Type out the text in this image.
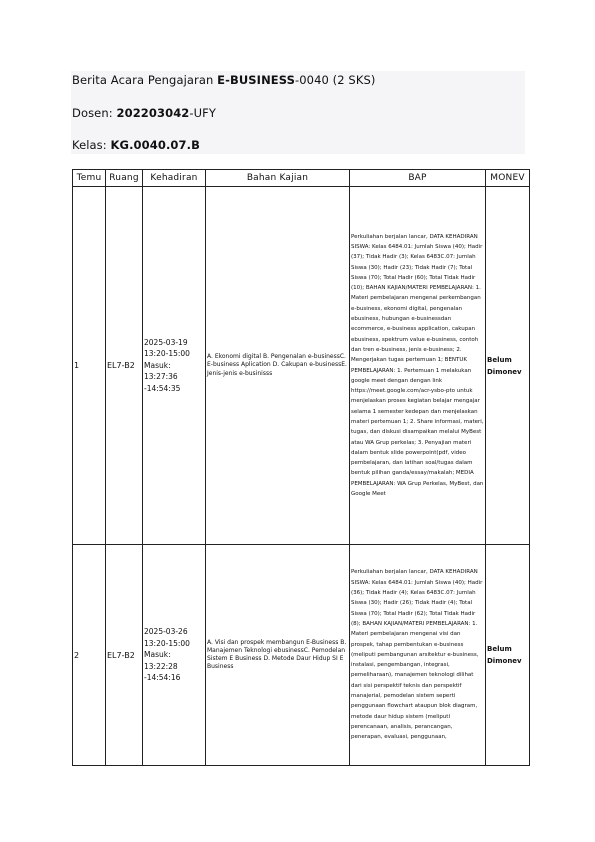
Berita Acara Pengajaran E-BUSINESS-0040 (2 SKS)
Dosen: 202203042-UFY
Kelas: KG.0040.07.B
Temu	Ruang	Kehadiran	Bahan Kajian	BAP	MONEV
1	EL7-B2	2025-03-19 13:20-15:00 Masuk: 13:27:36 -14:54:35	A. Ekonomi digital B. Pengenalan e-businessC. E-business Aplication D. Cakupan e-businessE. Jenis-jenis e-businisss	Perkuliahan berjalan lancar, DATA KEHADIRAN SISWA: Kelas 6484.01: Jumlah Siswa (40); Hadir (37); Tidak Hadir (3); Kelas 6483C.07: Jumlah Siswa (30); Hadir (23); Tidak Hadir (7); Total Siswa (70); Total Hadir (60); Total Tidak Hadir (10); BAHAN KAJIAN/MATERI PEMBELAJARAN: 1. Materi pembelajaran mengenai perkembangan e-business, ekonomi digital, pengenalan ebusiness, hubungan e-businessdan ecommerce, e-business application, cakupan ebusiness, spektrum value e-business, contoh dan tren e-business, jenis e-business; 2. Mengerjakan tugas pertemuan 1; BENTUK PEMBELAJARAN: 1. Pertemuan 1 melakukan google meet dengan dengan link https://meet.google.com/acr-ysbo-pto untuk menjelaskan proses kegiatan belajar mengajar selama 1 semester kedepan dan menjelaskan materi pertemuan 1; 2. Share informasi, materi, tugas, dan diskusi disampaikan melalui MyBest atau WA Grup perkelas; 3. Penyajian materi dalam bentuk slide powerpoint(pdf, video pembelajaran, dan latihan soal/tugas dalam bentuk pilihan ganda/essay/makalah; MEDIA PEMBELAJARAN: WA Grup Perkelas, MyBest, dan Google Meet	Belum Dimonev
2	EL7-B2	2025-03-26 13:20-15:00 Masuk: 13:22:28 -14:54:16	A. Visi dan prospek membangun E-Business B. Manajemen Teknologi ebusinessC. Pemodelan Sistem E Business D. Metode Daur Hidup SI E Business	Perkuliahan berjalan lancar, DATA KEHADIRAN SISWA: Kelas 6484.01: Jumlah Siswa (40); Hadir (36); Tidak Hadir (4); Kelas 6483C.07: Jumlah Siswa (30); Hadir (26); Tidak Hadir (4); Total Siswa (70); Total Hadir (62); Total Tidak Hadir (8); BAHAN KAJIAN/MATERI PEMBELAJARAN: 1. Materi pembelajaran mengenai visi dan prospek, tahap pembentukan e-business (meliputi pembangunan arsitektur e-business, instalasi, pengembangan, integrasi, pemeliharaan), manajemen teknologi dilihat dari sisi perspektif teknis dan perspektif manajerial, pemodelan sistem seperti penggunaan flowchart ataupun blok diagram, metode daur hidup sistem (meliputi perencanaan, analisis, perancangan, penerapan, evaluasi, penggunaan,	Belum Dimonev
